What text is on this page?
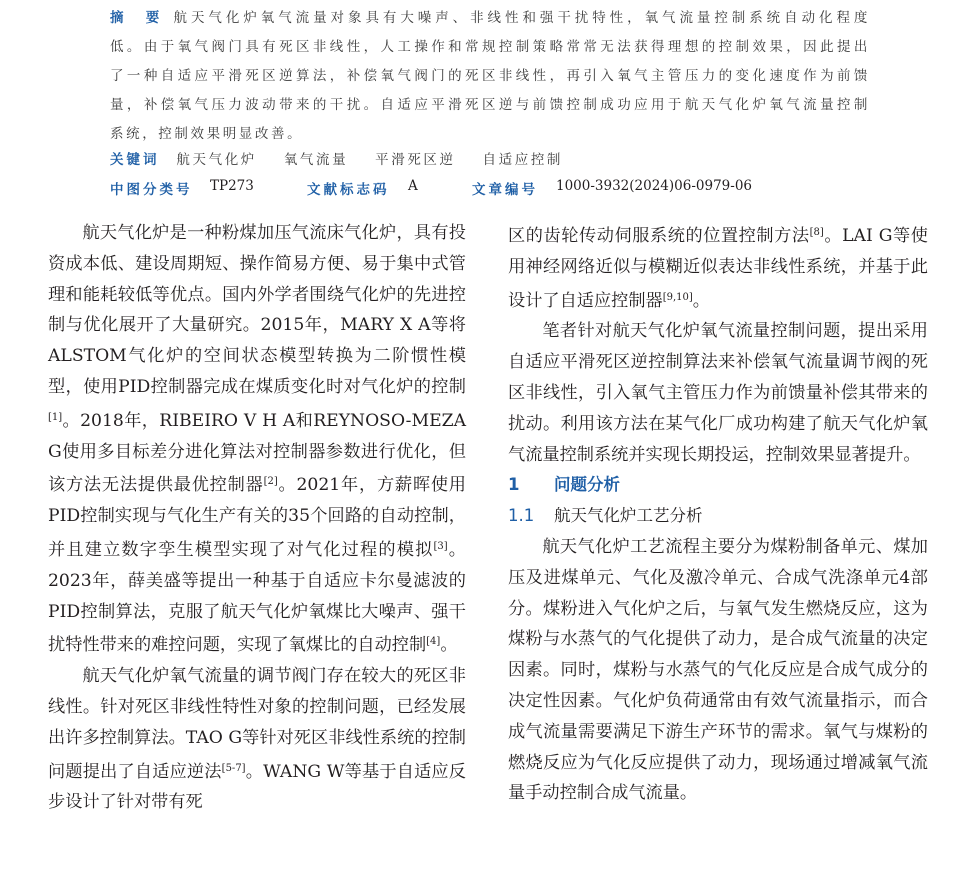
摘　要 航天气化炉氧气流量对象具有大噪声、非线性和强干扰特性，氧气流量控制系统自动化程度
低。由于氧气阀门具有死区非线性，人工操作和常规控制策略常常无法获得理想的控制效果，因此提出
了一种自适应平滑死区逆算法，补偿氧气阀门的死区非线性，再引入氧气主管压力的变化速度作为前馈
量，补偿氧气压力波动带来的干扰。自适应平滑死区逆与前馈控制成功应用于航天气化炉氧气流量控制
系统，控制效果明显改善。
关键词 航天气化炉 氧气流量 平滑死区逆 自适应控制
中图分类号 TP273	文献标志码 A	文章编号 1000-3932(2024)06-0979-06
航天气化炉是一种粉煤加压气流床气化炉，具有投资成本低、建设周期短、操作简易方便、易于集中式管理和能耗较低等优点。国内外学者围绕气化炉的先进控制与优化展开了大量研究。2015年，MARY X A等将ALSTOM气化炉的空间状态模型转换为二阶惯性模型，使用PID控制器完成在煤质变化时对气化炉的控制[1]。2018年，RIBEIRO V H A和REYNOSO-MEZA G使用多目标差分进化算法对控制器参数进行优化，但该方法无法提供最优控制器[2]。2021年，方薪晖使用PID控制实现与气化生产有关的35个回路的自动控制，并且建立数字孪生模型实现了对气化过程的模拟[3]。2023年，薛美盛等提出一种基于自适应卡尔曼滤波的PID控制算法，克服了航天气化炉氧煤比大噪声、强干扰特性带来的难控问题，实现了氧煤比的自动控制[4]。
航天气化炉氧气流量的调节阀门存在较大的死区非线性。针对死区非线性特性对象的控制问题，已经发展出许多控制算法。TAO G等针对死区非线性系统的控制问题提出了自适应逆法[5-7]。WANG W等基于自适应反步设计了针对带有死
区的齿轮传动伺服系统的位置控制方法[8]。LAI G等使用神经网络近似与模糊近似表达非线性系统，并基于此设计了自适应控制器[9,10]。
笔者针对航天气化炉氧气流量控制问题，提出采用自适应平滑死区逆控制算法来补偿氧气流量调节阀的死区非线性，引入氧气主管压力作为前馈量补偿其带来的扰动。利用该方法在某气化厂成功构建了航天气化炉氧气流量控制系统并实现长期投运，控制效果显著提升。
1 问题分析
1.1 航天气化炉工艺分析
航天气化炉工艺流程主要分为煤粉制备单元、煤加压及进煤单元、气化及激冷单元、合成气洗涤单元4部分。煤粉进入气化炉之后，与氧气发生燃烧反应，这为煤粉与水蒸气的气化提供了动力，是合成气流量的决定因素。同时，煤粉与水蒸气的气化反应是合成气成分的决定性因素。气化炉负荷通常由有效气流量指示，而合成气流量需要满足下游生产环节的需求。氧气与煤粉的燃烧反应为气化反应提供了动力，现场通过增减氧气流量手动控制合成气流量。
